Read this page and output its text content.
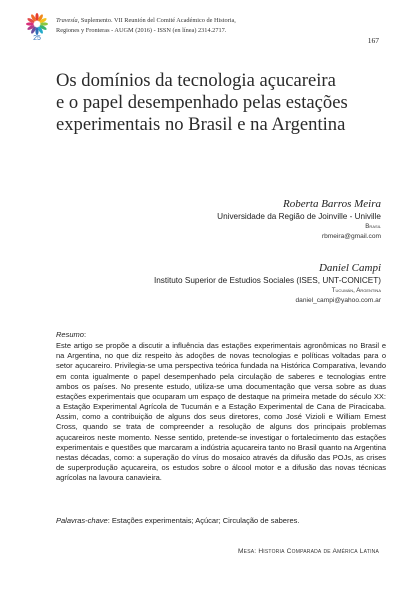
25
Travesía, Suplemento. VII Reunión del Comité Académico de Historia,
Regiones y Fronteras - AUGM (2016) - ISSN (en línea) 2314.2717.
167
Os domínios da tecnologia açucareira
e o papel desempenhado pelas estações
experimentais no Brasil e na Argentina
Roberta Barros Meira
Universidade da Região de Joinville - Univille
Brasil
rbmeira@gmail.com
Daniel Campi
Instituto Superior de Estudios Sociales (ISES, UNT-CONICET)
Tucumán, Argentina
daniel_campi@yahoo.com.ar
Resumo:
Este artigo se propõe a discutir a influência das estações experimentais agronômicas no Brasil e na Argentina, no que diz respeito às adoções de novas tecnologias e políticas voltadas para o setor açucareiro. Privilegia-se uma perspectiva teórica fundada na Histórica Comparativa, levando em conta igualmente o papel desempenhado pela circulação de saberes e tecnologias entre ambos os países. No presente estudo, utiliza-se uma documentação que versa sobre as duas estações experimentais que ocuparam um espaço de destaque na primeira metade do século XX: a Estação Experimental Agrícola de Tucumán e a Estação Experimental de Cana de Piracicaba. Assim, como a contribuição de alguns dos seus diretores, como José Vizioli e William Ernest Cross, quando se trata de compreender a resolução de alguns dos principais problemas açucareiros neste momento. Nesse sentido, pretende-se investigar o fortalecimento das estações experimentais e questões que marcaram a indústria açucareira tanto no Brasil quanto na Argentina nestas décadas, como: a superação do vírus do mosaico através da difusão das POJs, as crises de superprodução açucareira, os estudos sobre o álcool motor e a difusão das novas técnicas agrícolas na lavoura canavieira.
Palavras-chave: Estações experimentais; Açúcar; Circulação de saberes.
Mesa: Historia Comparada de América Latina
